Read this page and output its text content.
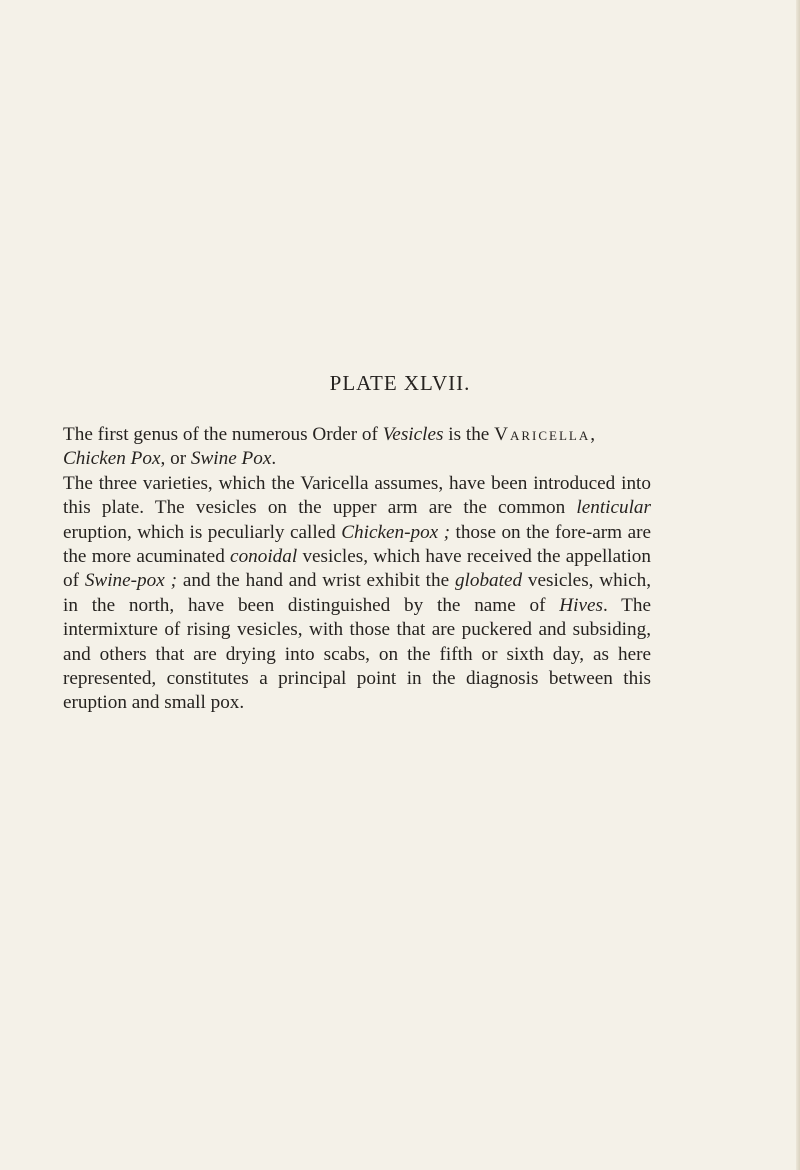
PLATE XLVII.

The first genus of the numerous Order of Vesicles is the Varicella,
Chicken Pox, or Swine Pox.

The three varieties, which the Varicella assumes, have been introduced into this plate. The vesicles on the upper arm are the common lenticular eruption, which is peculiarly called Chicken-pox ; those on the fore-arm are the more acuminated conoidal vesicles, which have received the appellation of Swine-pox ; and the hand and wrist exhibit the globated vesicles, which, in the north, have been distinguished by the name of Hives. The intermixture of rising vesicles, with those that are puckered and subsiding, and others that are drying into scabs, on the fifth or sixth day, as here represented, constitutes a principal point in the diagnosis between this eruption and small pox.
